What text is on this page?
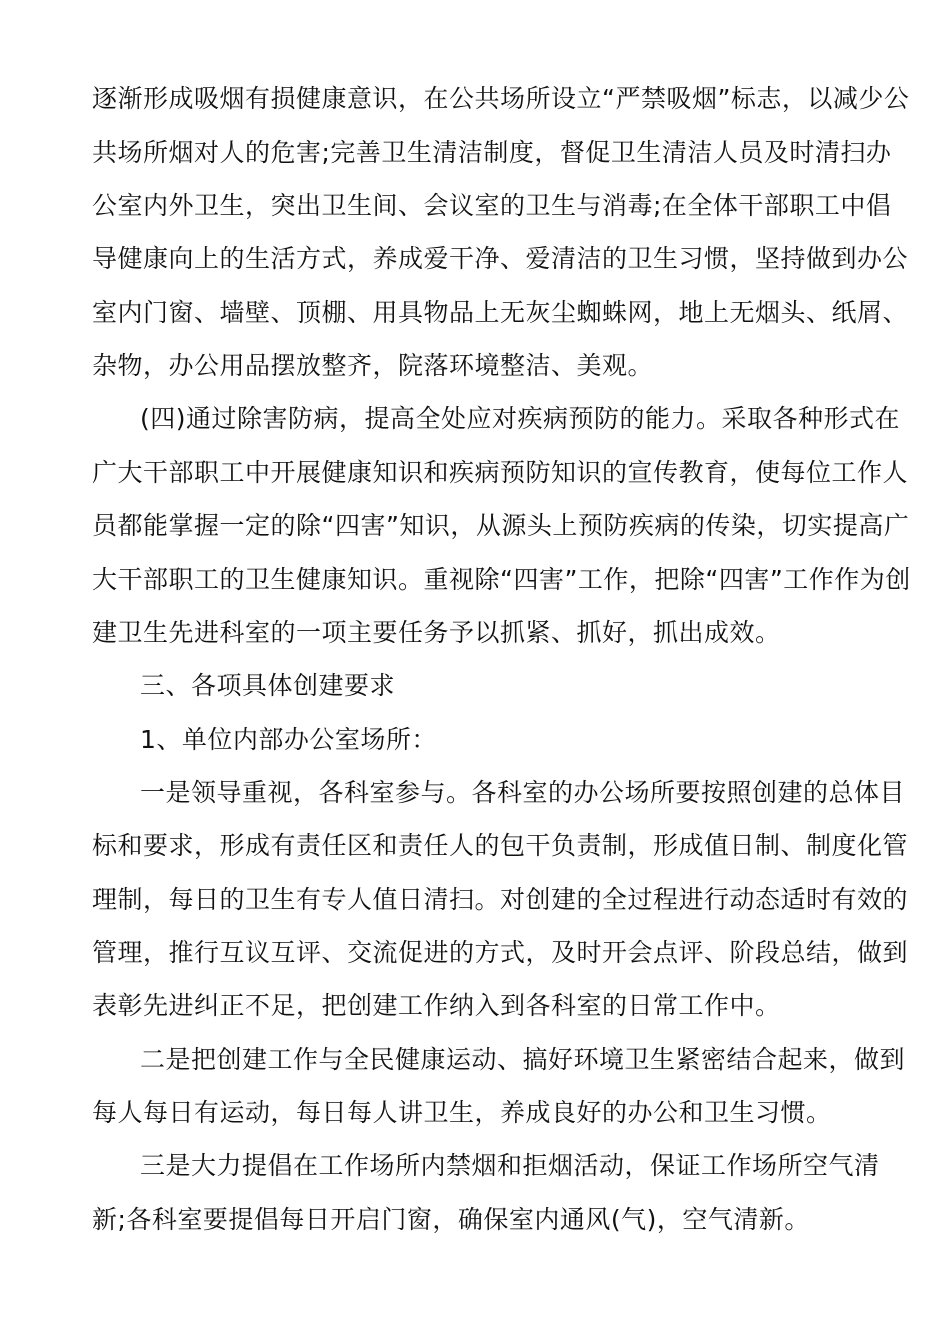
逐渐形成吸烟有损健康意识，在公共场所设立“严禁吸烟”标志，以减少公
共场所烟对人的危害;完善卫生清洁制度，督促卫生清洁人员及时清扫办
公室内外卫生，突出卫生间、会议室的卫生与消毒;在全体干部职工中倡
导健康向上的生活方式，养成爱干净、爱清洁的卫生习惯，坚持做到办公
室内门窗、墙壁、顶棚、用具物品上无灰尘蜘蛛网，地上无烟头、纸屑、
杂物，办公用品摆放整齐，院落环境整洁、美观。
(四)通过除害防病，提高全处应对疾病预防的能力。采取各种形式在
广大干部职工中开展健康知识和疾病预防知识的宣传教育，使每位工作人
员都能掌握一定的除“四害”知识，从源头上预防疾病的传染，切实提高广
大干部职工的卫生健康知识。重视除“四害”工作，把除“四害”工作作为创
建卫生先进科室的一项主要任务予以抓紧、抓好，抓出成效。
三、各项具体创建要求
1、单位内部办公室场所：
一是领导重视，各科室参与。各科室的办公场所要按照创建的总体目
标和要求，形成有责任区和责任人的包干负责制，形成值日制、制度化管
理制，每日的卫生有专人值日清扫。对创建的全过程进行动态适时有效的
管理，推行互议互评、交流促进的方式，及时开会点评、阶段总结，做到
表彰先进纠正不足，把创建工作纳入到各科室的日常工作中。
二是把创建工作与全民健康运动、搞好环境卫生紧密结合起来，做到
每人每日有运动，每日每人讲卫生，养成良好的办公和卫生习惯。
三是大力提倡在工作场所内禁烟和拒烟活动，保证工作场所空气清
新;各科室要提倡每日开启门窗，确保室内通风(气)，空气清新。
